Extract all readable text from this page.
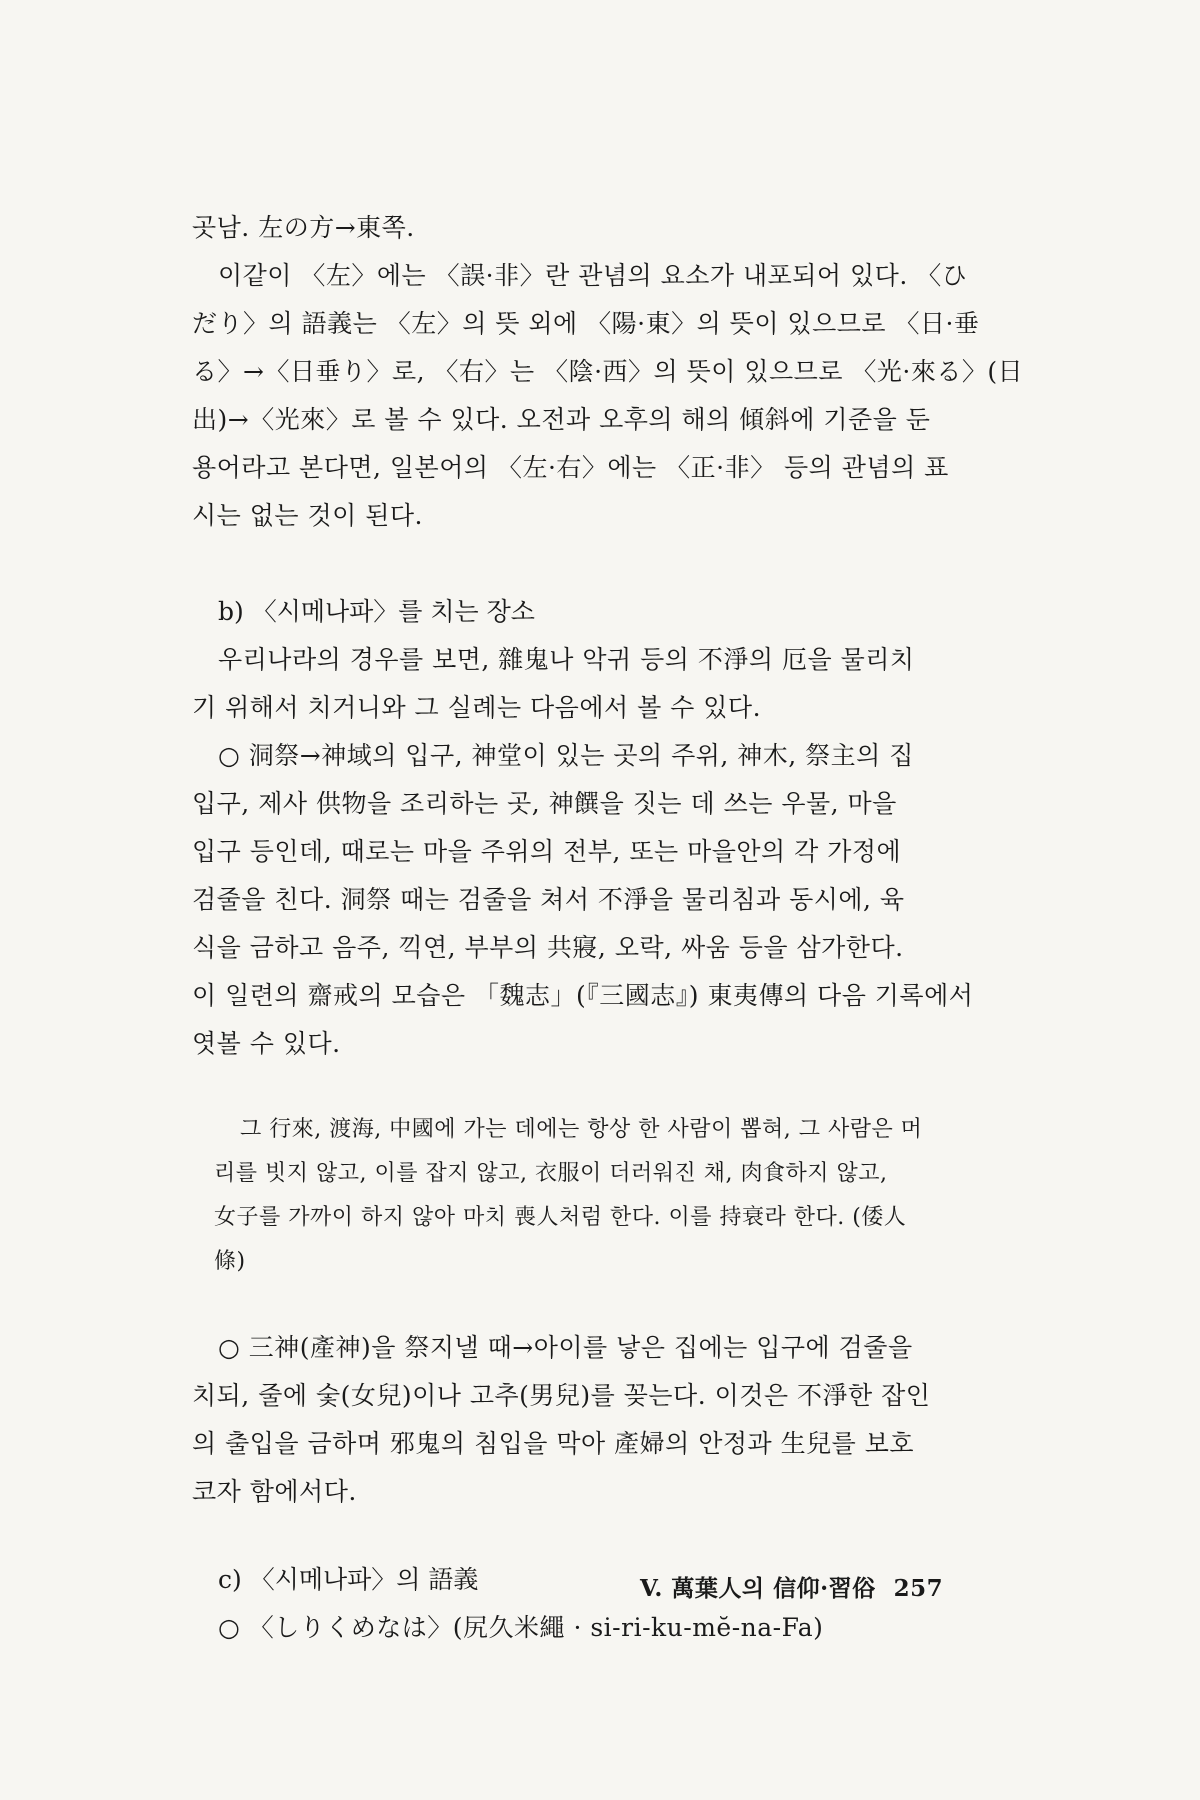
곳남. 左の方→東쪽.
이같이 〈左〉에는 〈誤·非〉란 관념의 요소가 내포되어 있다. 〈ひ
だり〉의 語義는 〈左〉의 뜻 외에 〈陽·東〉의 뜻이 있으므로 〈日·垂
る〉→〈日垂り〉로, 〈右〉는 〈陰·西〉의 뜻이 있으므로 〈光·來る〉(日
出)→〈光來〉로 볼 수 있다. 오전과 오후의 해의 傾斜에 기준을 둔
용어라고 본다면, 일본어의 〈左·右〉에는 〈正·非〉 등의 관념의 표
시는 없는 것이 된다.
b) 〈시메나파〉를 치는 장소
우리나라의 경우를 보면, 雜鬼나 악귀 등의 不淨의 厄을 물리치
기 위해서 치거니와 그 실례는 다음에서 볼 수 있다.
○ 洞祭→神域의 입구, 神堂이 있는 곳의 주위, 神木, 祭主의 집
입구, 제사 供物을 조리하는 곳, 神饌을 짓는 데 쓰는 우물, 마을
입구 등인데, 때로는 마을 주위의 전부, 또는 마을안의 각 가정에
검줄을 친다. 洞祭 때는 검줄을 쳐서 不淨을 물리침과 동시에, 육
식을 금하고 음주, 끽연, 부부의 共寢, 오락, 싸움 등을 삼가한다.
이 일련의 齋戒의 모습은 「魏志」(『三國志』) 東夷傳의 다음 기록에서
엿볼 수 있다.
그 行來, 渡海, 中國에 가는 데에는 항상 한 사람이 뽑혀, 그 사람은 머
리를 빗지 않고, 이를 잡지 않고, 衣服이 더러워진 채, 肉食하지 않고,
女子를 가까이 하지 않아 마치 喪人처럼 한다. 이를 持衰라 한다. (倭人
條)
○ 三神(產神)을 祭지낼 때→아이를 낳은 집에는 입구에 검줄을
치되, 줄에 숯(女兒)이나 고추(男兒)를 꽂는다. 이것은 不淨한 잡인
의 출입을 금하며 邪鬼의 침입을 막아 產婦의 안정과 生兒를 보호
코자 함에서다.
c) 〈시메나파〉의 語義
○ 〈しりくめなは〉(尻久米繩 · si-ri-ku-mĕ-na-Fa)
V. 萬葉人의 信仰·習俗 257
